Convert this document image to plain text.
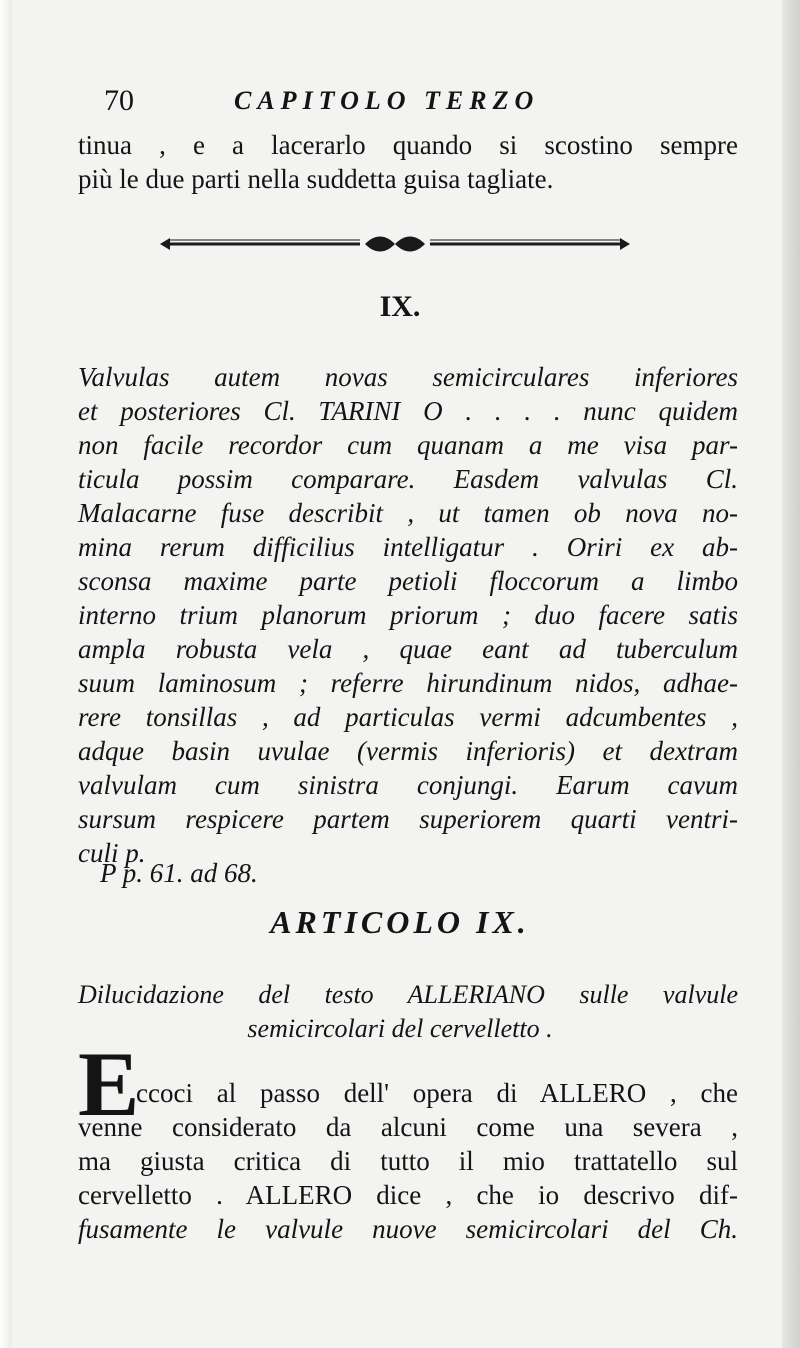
70	CAPITOLO TERZO
tinua , e a lacerarlo quando si scostino sempre
più le due parti nella suddetta guisa tagliate.
IX.
Valvulas autem novas semicirculares inferiores
et posteriores Cl. TARINI O . . . . nunc quidem
non facile recordor cum quanam a me visa par-
ticula possim comparare. Easdem valvulas Cl.
Malacarne fuse describit , ut tamen ob nova no-
mina rerum difficilius intelligatur . Oriri ex ab-
sconsa maxime parte petioli floccorum a limbo
interno trium planorum priorum ; duo facere satis
ampla robusta vela , quae eant ad tuberculum
suum laminosum ; referre hirundinum nidos, adhae-
rere tonsillas , ad particulas vermi adcumbentes ,
adque basin uvulae (vermis inferioris) et dextram
valvulam cum sinistra conjungi. Earum cavum
sursum respicere partem superiorem quarti ventri-
culi p.
P p. 61. ad 68.
ARTICOLO IX.
Dilucidazione del testo ALLERIANO sulle valvule
semicircolari del cervelletto .
E
ccoci al passo dell' opera di ALLERO , che
venne considerato da alcuni come una severa ,
ma giusta critica di tutto il mio trattatello sul
cervelletto . ALLERO dice , che io descrivo dif-
fusamente le valvule nuove semicircolari del Ch.
